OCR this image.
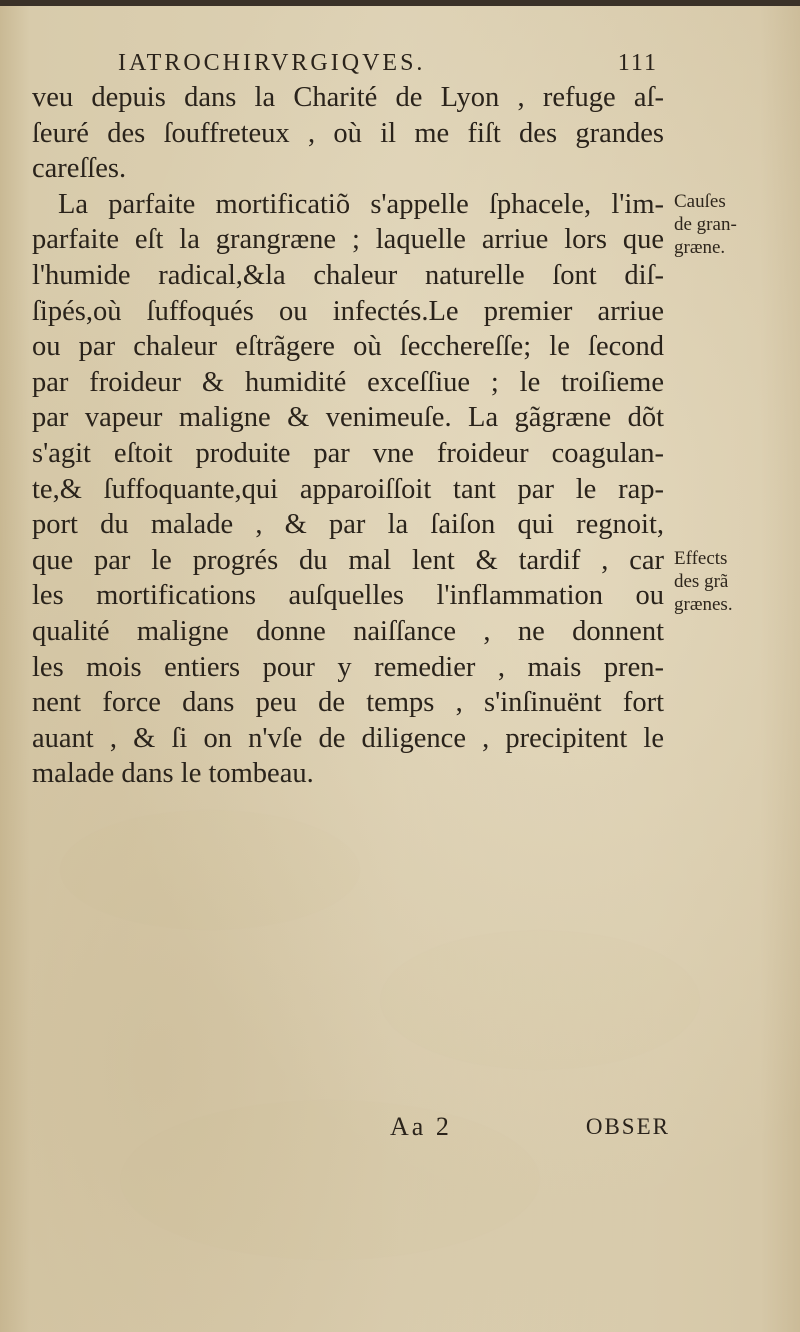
IATROCHIRVRGIQVES.	111
veu depuis dans la Charité de Lyon , refuge aſ-
ſeuré des ſouffreteux , où il me fiſt des grandes
careſſes.
La parfaite mortificatiõ s'appelle ſphacele, l'im-
parfaite eſt la grangræne ; laquelle arriue lors que
l'humide radical,&la chaleur naturelle ſont diſ-
ſipés,où ſuffoqués ou infectés.Le premier arriue
ou par chaleur eſtrãgere où ſecchereſſe; le ſecond
par froideur & humidité exceſſiue ; le troiſieme
par vapeur maligne & venimeuſe. La gãgræne dõt
s'agit eſtoit produite par vne froideur coagulan-
te,& ſuffoquante,qui apparoiſſoit tant par le rap-
port du malade , & par la ſaiſon qui regnoit,
que par le progrés du mal lent & tardif , car
les mortifications auſquelles l'inflammation ou
qualité maligne donne naiſſance , ne donnent
les mois entiers pour y remedier , mais pren-
nent force dans peu de temps , s'inſinuënt fort
auant , & ſi on n'vſe de diligence , precipitent le
malade dans le tombeau.
Cauſes
de gran-
græne.
Effects
des grã
grænes.
Aa 2	OBSER
